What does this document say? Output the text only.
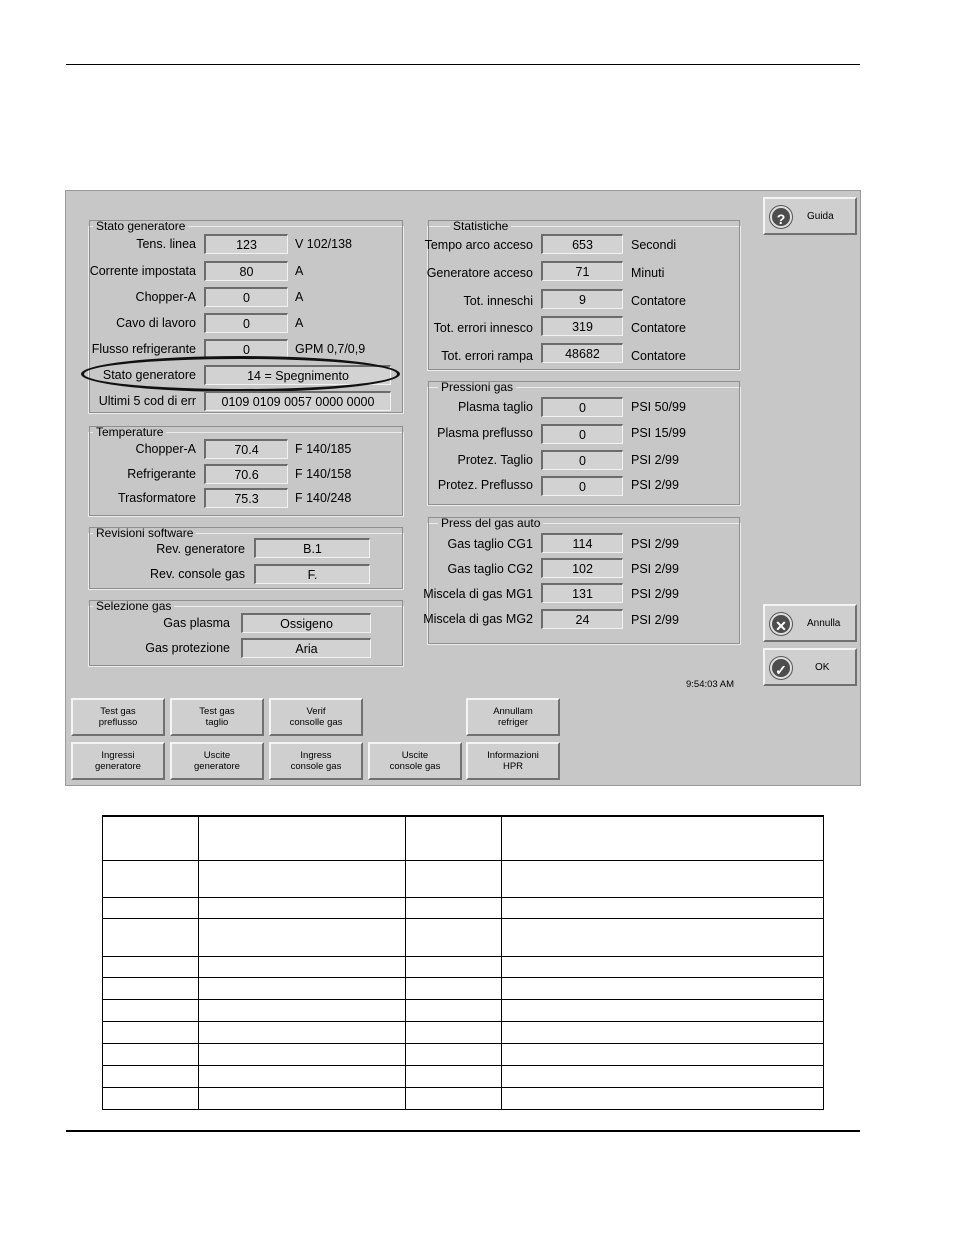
Stato generatore
Tens. linea	123	V 102/138
Corrente impostata	80	A
Chopper-A	0	A
Cavo di lavoro	0	A
Flusso refrigerante	0	GPM 0,7/0,9
Stato generatore	14 = Spegnimento
Ultimi 5 cod di err	0109 0109 0057 0000 0000
Temperature
Chopper-A	70.4	F 140/185
Refrigerante	70.6	F 140/158
Trasformatore	75.3	F 140/248
Revisioni software
Rev. generatore	B.1
Rev. console gas	F.
Selezione gas
Gas plasma	Ossigeno
Gas protezione	Aria
Statistiche
Tempo arco acceso	653	Secondi
Generatore acceso	71	Minuti
Tot. inneschi	9	Contatore
Tot. errori innesco	319	Contatore
Tot. errori rampa	48682	Contatore
Pressioni gas
Plasma taglio	0	PSI 50/99
Plasma preflusso	0	PSI 15/99
Protez. Taglio	0	PSI 2/99
Protez. Preflusso	0	PSI 2/99
Press del gas auto
Gas taglio CG1	114	PSI 2/99
Gas taglio CG2	102	PSI 2/99
Miscela di gas MG1	131	PSI 2/99
Miscela di gas MG2	24	PSI 2/99
?	Guida
✕	Annulla
✓	OK
9:54:03 AM
Test gas
preflusso
Test gas
taglio
Verif
consolle gas
Annullam
refriger
Ingressi
generatore
Uscite
generatore
Ingress
console gas
Uscite
console gas
Informazioni
HPR
